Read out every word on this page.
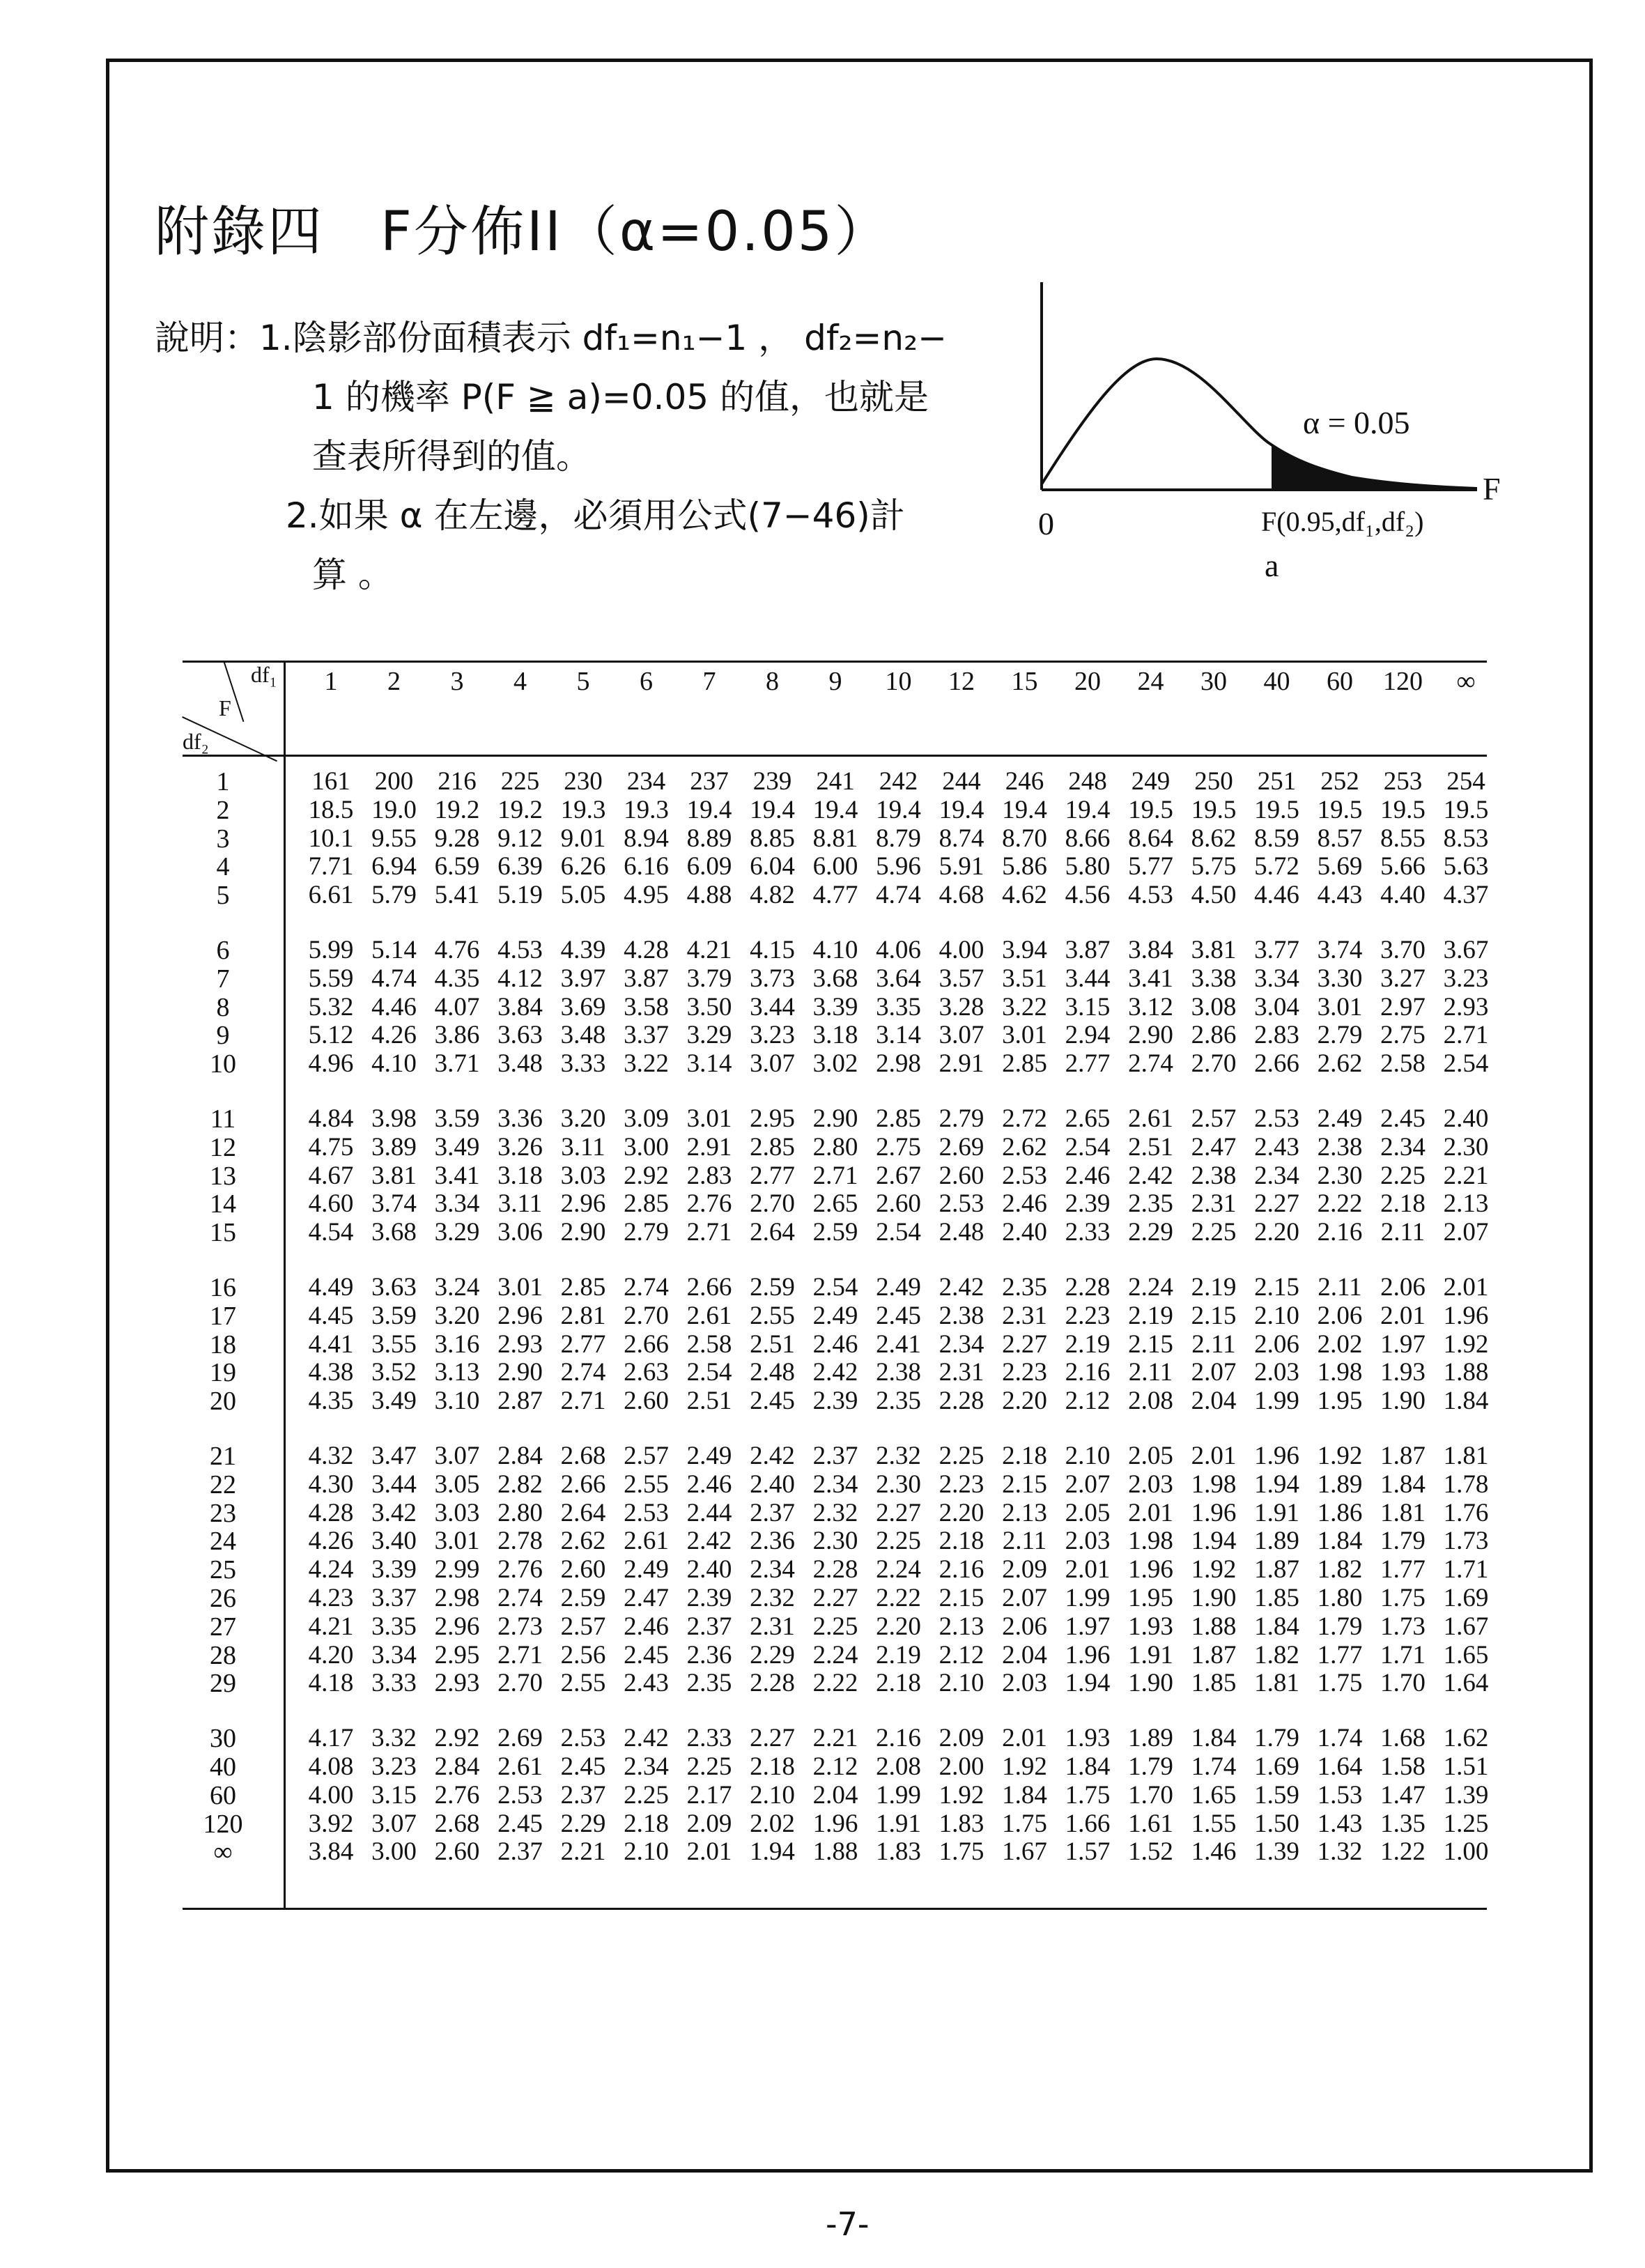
附錄四　F分佈II（α=0.05）
說明：1.陰影部份面積表示 df₁=n₁−1 ， df₂=n₂−
1 的機率 P(F ≧ a)=0.05 的值，也就是
查表所得到的值。
2.如果 α 在左邊，必須用公式(7−46)計
算 。
α = 0.05
0
F
F(0.95,df₁,df₂)
a
df₁
F
df₂
1	2	3	4	5	6	7	8	9	10	12	15	20	24	30	40	60	120	∞
1	161 200 216 225 230 234 237 239 241 242 244 246 248 249 250 251 252 253 254
2	18.5 19.0 19.2 19.2 19.3 19.3 19.4 19.4 19.4 19.4 19.4 19.4 19.4 19.5 19.5 19.5 19.5 19.5 19.5
3	10.1 9.55 9.28 9.12 9.01 8.94 8.89 8.85 8.81 8.79 8.74 8.70 8.66 8.64 8.62 8.59 8.57 8.55 8.53
4	7.71 6.94 6.59 6.39 6.26 6.16 6.09 6.04 6.00 5.96 5.91 5.86 5.80 5.77 5.75 5.72 5.69 5.66 5.63
5	6.61 5.79 5.41 5.19 5.05 4.95 4.88 4.82 4.77 4.74 4.68 4.62 4.56 4.53 4.50 4.46 4.43 4.40 4.37
6	5.99 5.14 4.76 4.53 4.39 4.28 4.21 4.15 4.10 4.06 4.00 3.94 3.87 3.84 3.81 3.77 3.74 3.70 3.67
7	5.59 4.74 4.35 4.12 3.97 3.87 3.79 3.73 3.68 3.64 3.57 3.51 3.44 3.41 3.38 3.34 3.30 3.27 3.23
8	5.32 4.46 4.07 3.84 3.69 3.58 3.50 3.44 3.39 3.35 3.28 3.22 3.15 3.12 3.08 3.04 3.01 2.97 2.93
9	5.12 4.26 3.86 3.63 3.48 3.37 3.29 3.23 3.18 3.14 3.07 3.01 2.94 2.90 2.86 2.83 2.79 2.75 2.71
10	4.96 4.10 3.71 3.48 3.33 3.22 3.14 3.07 3.02 2.98 2.91 2.85 2.77 2.74 2.70 2.66 2.62 2.58 2.54
11	4.84 3.98 3.59 3.36 3.20 3.09 3.01 2.95 2.90 2.85 2.79 2.72 2.65 2.61 2.57 2.53 2.49 2.45 2.40
12	4.75 3.89 3.49 3.26 3.11 3.00 2.91 2.85 2.80 2.75 2.69 2.62 2.54 2.51 2.47 2.43 2.38 2.34 2.30
13	4.67 3.81 3.41 3.18 3.03 2.92 2.83 2.77 2.71 2.67 2.60 2.53 2.46 2.42 2.38 2.34 2.30 2.25 2.21
14	4.60 3.74 3.34 3.11 2.96 2.85 2.76 2.70 2.65 2.60 2.53 2.46 2.39 2.35 2.31 2.27 2.22 2.18 2.13
15	4.54 3.68 3.29 3.06 2.90 2.79 2.71 2.64 2.59 2.54 2.48 2.40 2.33 2.29 2.25 2.20 2.16 2.11 2.07
16	4.49 3.63 3.24 3.01 2.85 2.74 2.66 2.59 2.54 2.49 2.42 2.35 2.28 2.24 2.19 2.15 2.11 2.06 2.01
17	4.45 3.59 3.20 2.96 2.81 2.70 2.61 2.55 2.49 2.45 2.38 2.31 2.23 2.19 2.15 2.10 2.06 2.01 1.96
18	4.41 3.55 3.16 2.93 2.77 2.66 2.58 2.51 2.46 2.41 2.34 2.27 2.19 2.15 2.11 2.06 2.02 1.97 1.92
19	4.38 3.52 3.13 2.90 2.74 2.63 2.54 2.48 2.42 2.38 2.31 2.23 2.16 2.11 2.07 2.03 1.98 1.93 1.88
20	4.35 3.49 3.10 2.87 2.71 2.60 2.51 2.45 2.39 2.35 2.28 2.20 2.12 2.08 2.04 1.99 1.95 1.90 1.84
21	4.32 3.47 3.07 2.84 2.68 2.57 2.49 2.42 2.37 2.32 2.25 2.18 2.10 2.05 2.01 1.96 1.92 1.87 1.81
22	4.30 3.44 3.05 2.82 2.66 2.55 2.46 2.40 2.34 2.30 2.23 2.15 2.07 2.03 1.98 1.94 1.89 1.84 1.78
23	4.28 3.42 3.03 2.80 2.64 2.53 2.44 2.37 2.32 2.27 2.20 2.13 2.05 2.01 1.96 1.91 1.86 1.81 1.76
24	4.26 3.40 3.01 2.78 2.62 2.61 2.42 2.36 2.30 2.25 2.18 2.11 2.03 1.98 1.94 1.89 1.84 1.79 1.73
25	4.24 3.39 2.99 2.76 2.60 2.49 2.40 2.34 2.28 2.24 2.16 2.09 2.01 1.96 1.92 1.87 1.82 1.77 1.71
26	4.23 3.37 2.98 2.74 2.59 2.47 2.39 2.32 2.27 2.22 2.15 2.07 1.99 1.95 1.90 1.85 1.80 1.75 1.69
27	4.21 3.35 2.96 2.73 2.57 2.46 2.37 2.31 2.25 2.20 2.13 2.06 1.97 1.93 1.88 1.84 1.79 1.73 1.67
28	4.20 3.34 2.95 2.71 2.56 2.45 2.36 2.29 2.24 2.19 2.12 2.04 1.96 1.91 1.87 1.82 1.77 1.71 1.65
29	4.18 3.33 2.93 2.70 2.55 2.43 2.35 2.28 2.22 2.18 2.10 2.03 1.94 1.90 1.85 1.81 1.75 1.70 1.64
30	4.17 3.32 2.92 2.69 2.53 2.42 2.33 2.27 2.21 2.16 2.09 2.01 1.93 1.89 1.84 1.79 1.74 1.68 1.62
40	4.08 3.23 2.84 2.61 2.45 2.34 2.25 2.18 2.12 2.08 2.00 1.92 1.84 1.79 1.74 1.69 1.64 1.58 1.51
60	4.00 3.15 2.76 2.53 2.37 2.25 2.17 2.10 2.04 1.99 1.92 1.84 1.75 1.70 1.65 1.59 1.53 1.47 1.39
120	3.92 3.07 2.68 2.45 2.29 2.18 2.09 2.02 1.96 1.91 1.83 1.75 1.66 1.61 1.55 1.50 1.43 1.35 1.25
∞	3.84 3.00 2.60 2.37 2.21 2.10 2.01 1.94 1.88 1.83 1.75 1.67 1.57 1.52 1.46 1.39 1.32 1.22 1.00
-7-
